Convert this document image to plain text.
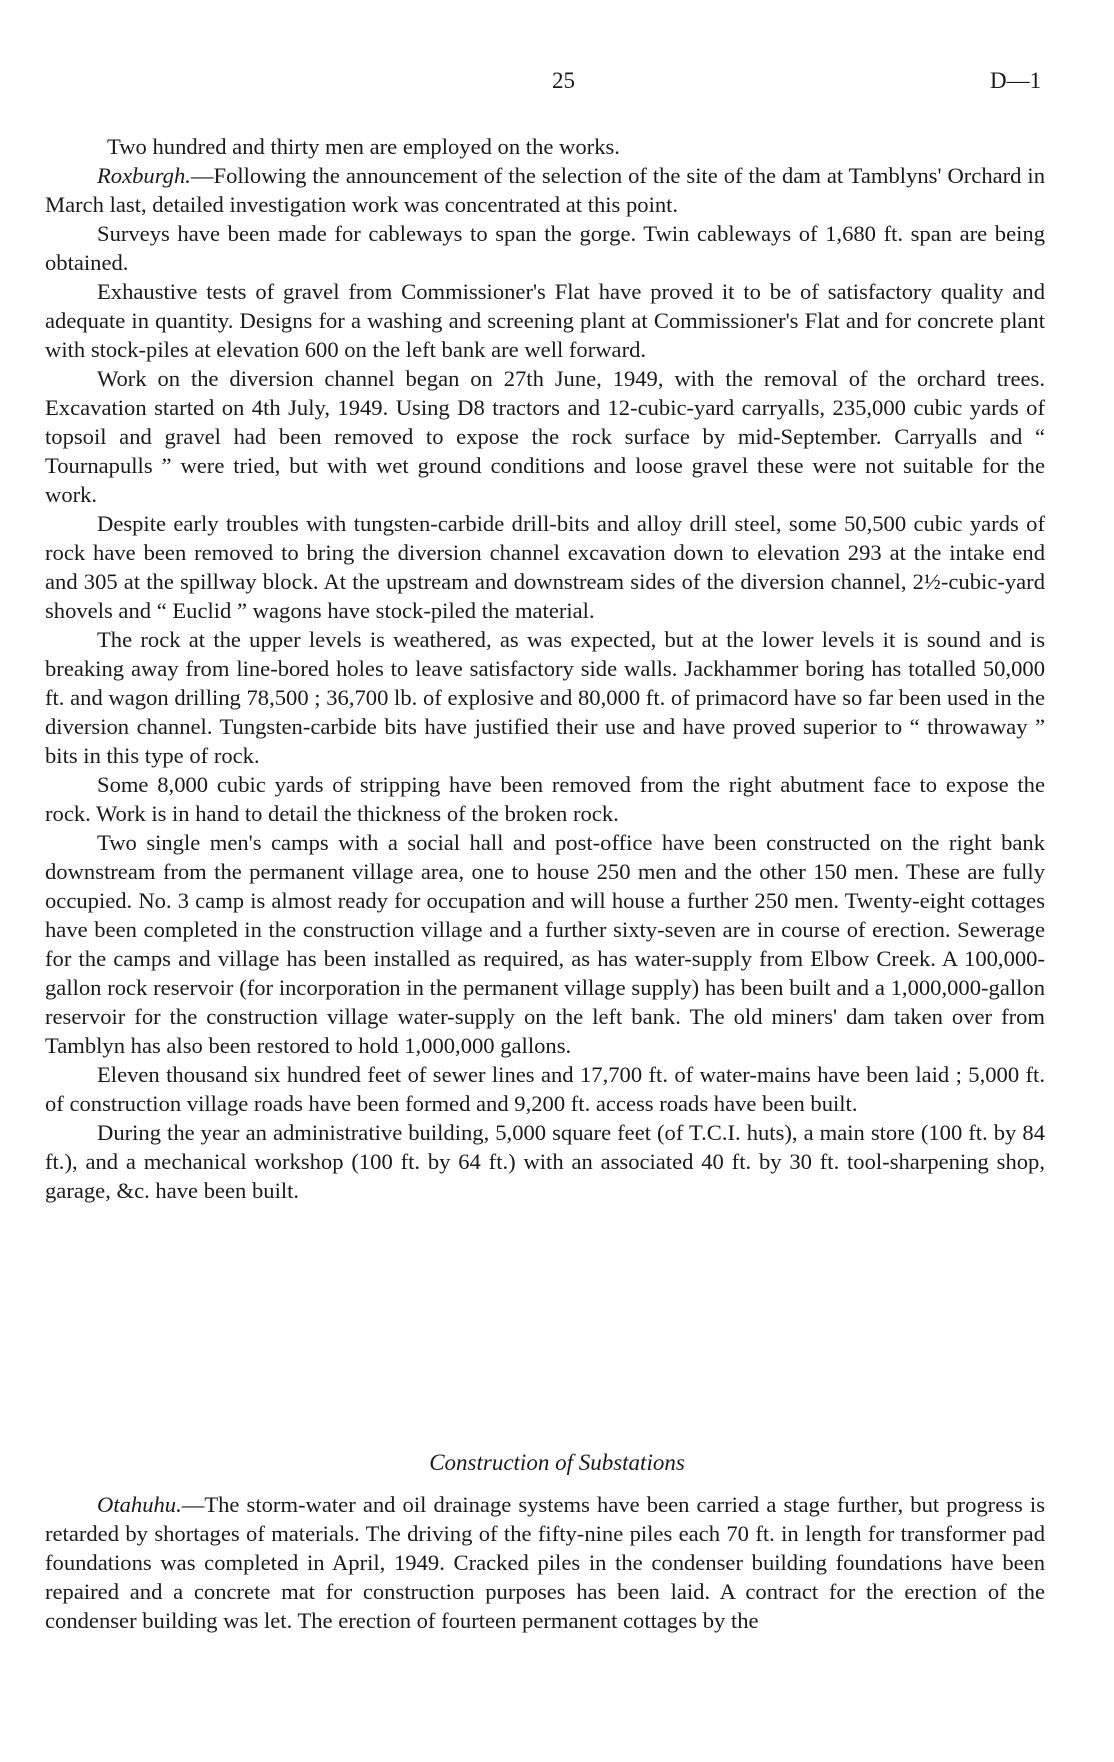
25	D—1

Two hundred and thirty men are employed on the works.

Roxburgh.—Following the announcement of the selection of the site of the dam at Tamblyns' Orchard in March last, detailed investigation work was concentrated at this point.

Surveys have been made for cableways to span the gorge. Twin cableways of 1,680 ft. span are being obtained.

Exhaustive tests of gravel from Commissioner's Flat have proved it to be of satisfactory quality and adequate in quantity. Designs for a washing and screening plant at Commissioner's Flat and for concrete plant with stock-piles at elevation 600 on the left bank are well forward.

Work on the diversion channel began on 27th June, 1949, with the removal of the orchard trees. Excavation started on 4th July, 1949. Using D8 tractors and 12-cubic-yard carryalls, 235,000 cubic yards of topsoil and gravel had been removed to expose the rock surface by mid-September. Carryalls and “ Tournapulls ” were tried, but with wet ground conditions and loose gravel these were not suitable for the work.

Despite early troubles with tungsten-carbide drill-bits and alloy drill steel, some 50,500 cubic yards of rock have been removed to bring the diversion channel excavation down to elevation 293 at the intake end and 305 at the spillway block. At the upstream and downstream sides of the diversion channel, 2½-cubic-yard shovels and “ Euclid ” wagons have stock-piled the material.

The rock at the upper levels is weathered, as was expected, but at the lower levels it is sound and is breaking away from line-bored holes to leave satisfactory side walls. Jackhammer boring has totalled 50,000 ft. and wagon drilling 78,500 ; 36,700 lb. of explosive and 80,000 ft. of primacord have so far been used in the diversion channel. Tungsten-carbide bits have justified their use and have proved superior to “ throwaway ” bits in this type of rock.

Some 8,000 cubic yards of stripping have been removed from the right abutment face to expose the rock. Work is in hand to detail the thickness of the broken rock.

Two single men's camps with a social hall and post-office have been constructed on the right bank downstream from the permanent village area, one to house 250 men and the other 150 men. These are fully occupied. No. 3 camp is almost ready for occupation and will house a further 250 men. Twenty-eight cottages have been completed in the construction village and a further sixty-seven are in course of erection. Sewerage for the camps and village has been installed as required, as has water-supply from Elbow Creek. A 100,000-gallon rock reservoir (for incorporation in the permanent village supply) has been built and a 1,000,000-gallon reservoir for the construction village water-supply on the left bank. The old miners' dam taken over from Tamblyn has also been restored to hold 1,000,000 gallons.

Eleven thousand six hundred feet of sewer lines and 17,700 ft. of water-mains have been laid ; 5,000 ft. of construction village roads have been formed and 9,200 ft. access roads have been built.

During the year an administrative building, 5,000 square feet (of T.C.I. huts), a main store (100 ft. by 84 ft.), and a mechanical workshop (100 ft. by 64 ft.) with an associated 40 ft. by 30 ft. tool-sharpening shop, garage, &c. have been built.

Construction of Substations

Otahuhu.—The storm-water and oil drainage systems have been carried a stage further, but progress is retarded by shortages of materials. The driving of the fifty-nine piles each 70 ft. in length for transformer pad foundations was completed in April, 1949. Cracked piles in the condenser building foundations have been repaired and a concrete mat for construction purposes has been laid. A contract for the erection of the condenser building was let. The erection of fourteen permanent cottages by the
